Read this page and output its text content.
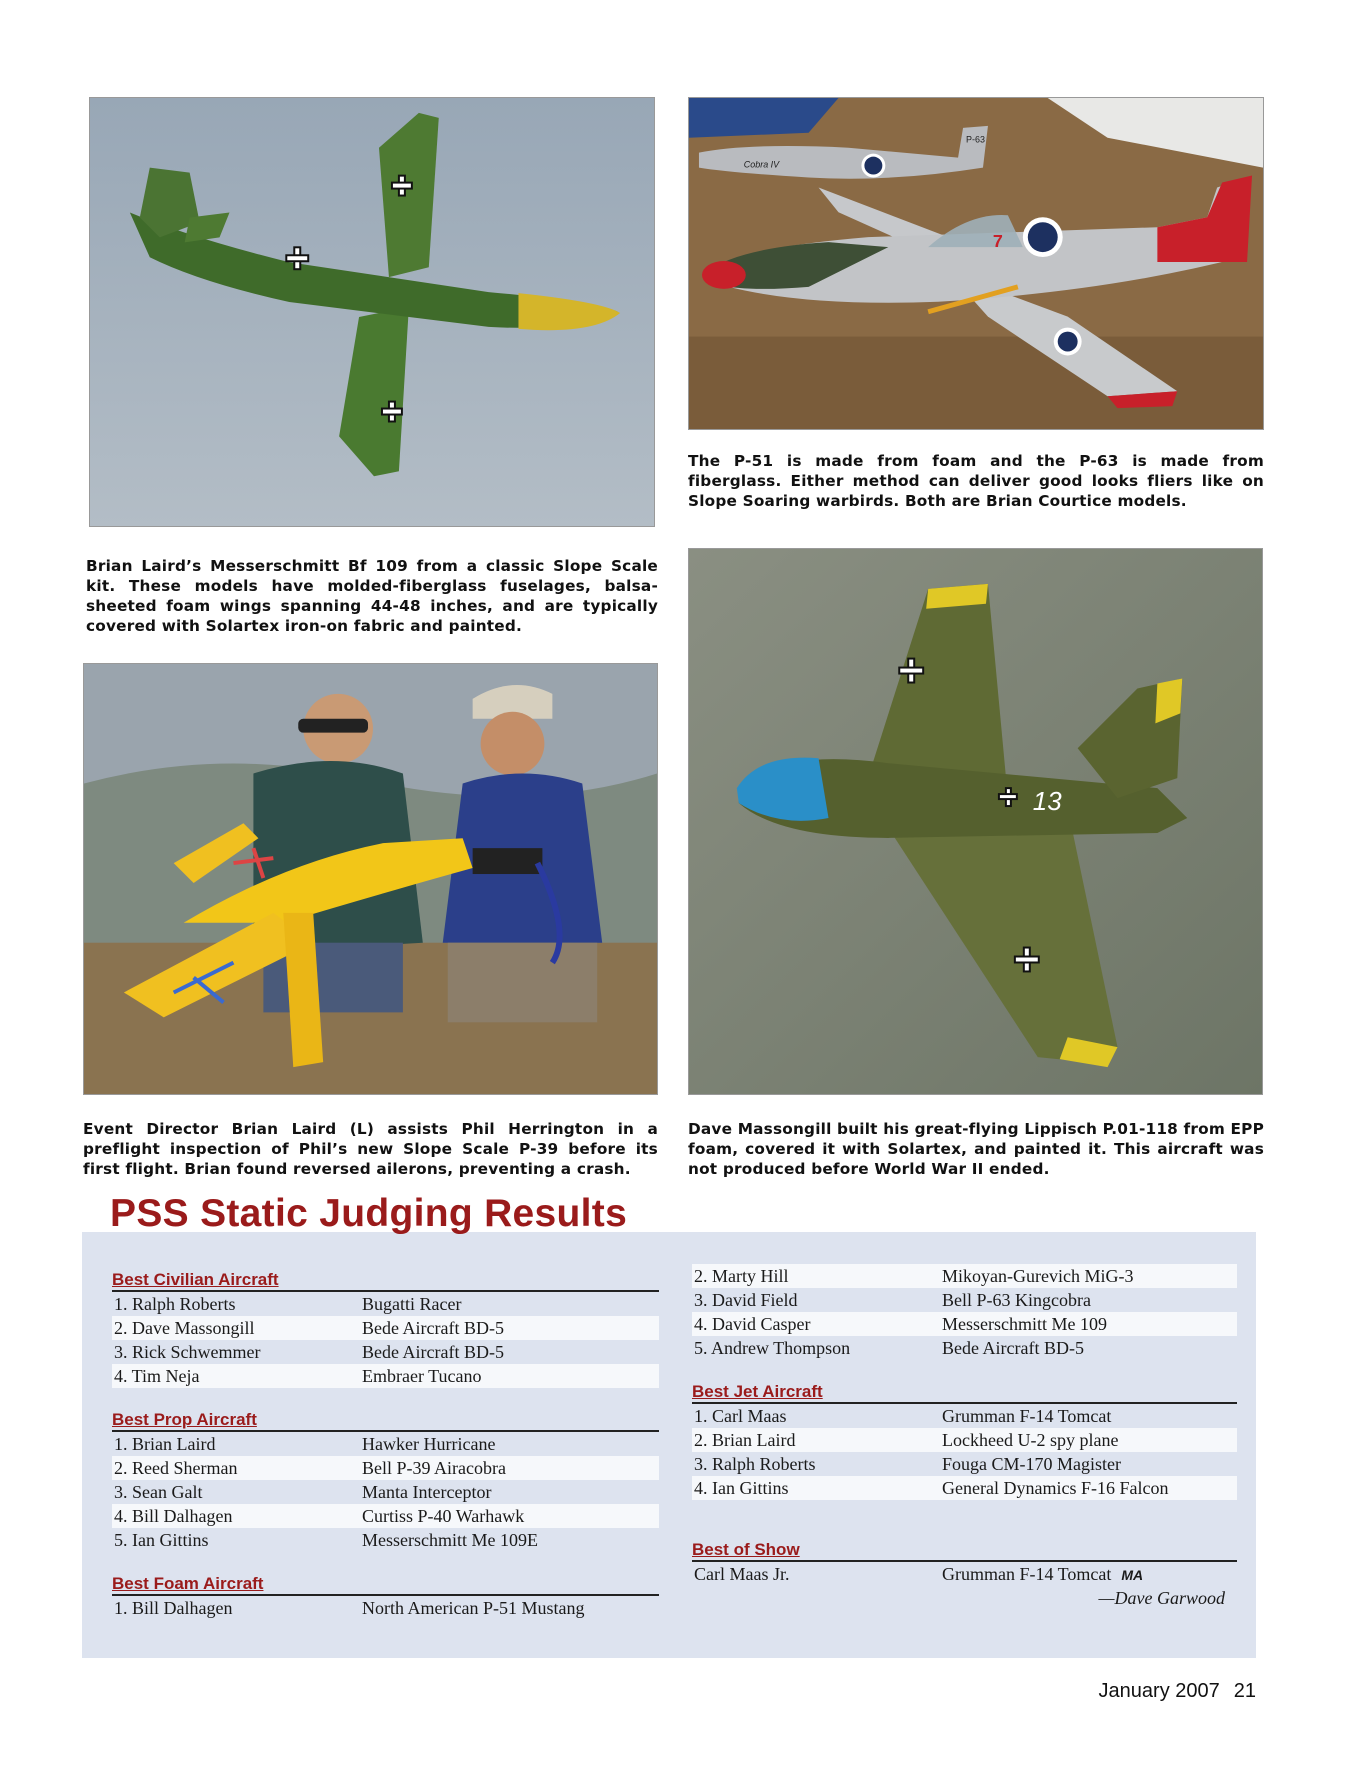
P-63
Cobra IV
7
The P-51 is made from foam and the P-63 is made from fiberglass. Either method can deliver good looks fliers like on Slope Soaring warbirds. Both are Brian Courtice models.
Brian Laird’s Messerschmitt Bf 109 from a classic Slope Scale kit. These models have molded-fiberglass fuselages, balsa-sheeted foam wings spanning 44-48 inches, and are typically covered with Solartex iron-on fabric and painted.
13
Event Director Brian Laird (L) assists Phil Herrington in a preflight inspection of Phil’s new Slope Scale P-39 before its first flight. Brian found reversed ailerons, preventing a crash.
Dave Massongill built his great-flying Lippisch P.01-118 from EPP foam, covered it with Solartex, and painted it. This aircraft was not produced before World War II ended.
PSS Static Judging Results
Best Civilian Aircraft
1. Ralph Roberts	Bugatti Racer
2. Dave Massongill	Bede Aircraft BD-5
3. Rick Schwemmer	Bede Aircraft BD-5
4. Tim Neja	Embraer Tucano
Best Prop Aircraft
1. Brian Laird	Hawker Hurricane
2. Reed Sherman	Bell P-39 Airacobra
3. Sean Galt	Manta Interceptor
4. Bill Dalhagen	Curtiss P-40 Warhawk
5. Ian Gittins	Messerschmitt Me 109E
Best Foam Aircraft
1. Bill Dalhagen	North American P-51 Mustang
2. Marty Hill	Mikoyan-Gurevich MiG-3
3. David Field	Bell P-63 Kingcobra
4. David Casper	Messerschmitt Me 109
5. Andrew Thompson	Bede Aircraft BD-5
Best Jet Aircraft
1. Carl Maas	Grumman F-14 Tomcat
2. Brian Laird	Lockheed U-2 spy plane
3. Ralph Roberts	Fouga CM-170 Magister
4. Ian Gittins	General Dynamics F-16 Falcon
Best of Show
Carl Maas Jr.	Grumman F-14 Tomcat MA
—Dave Garwood
January 2007 21
